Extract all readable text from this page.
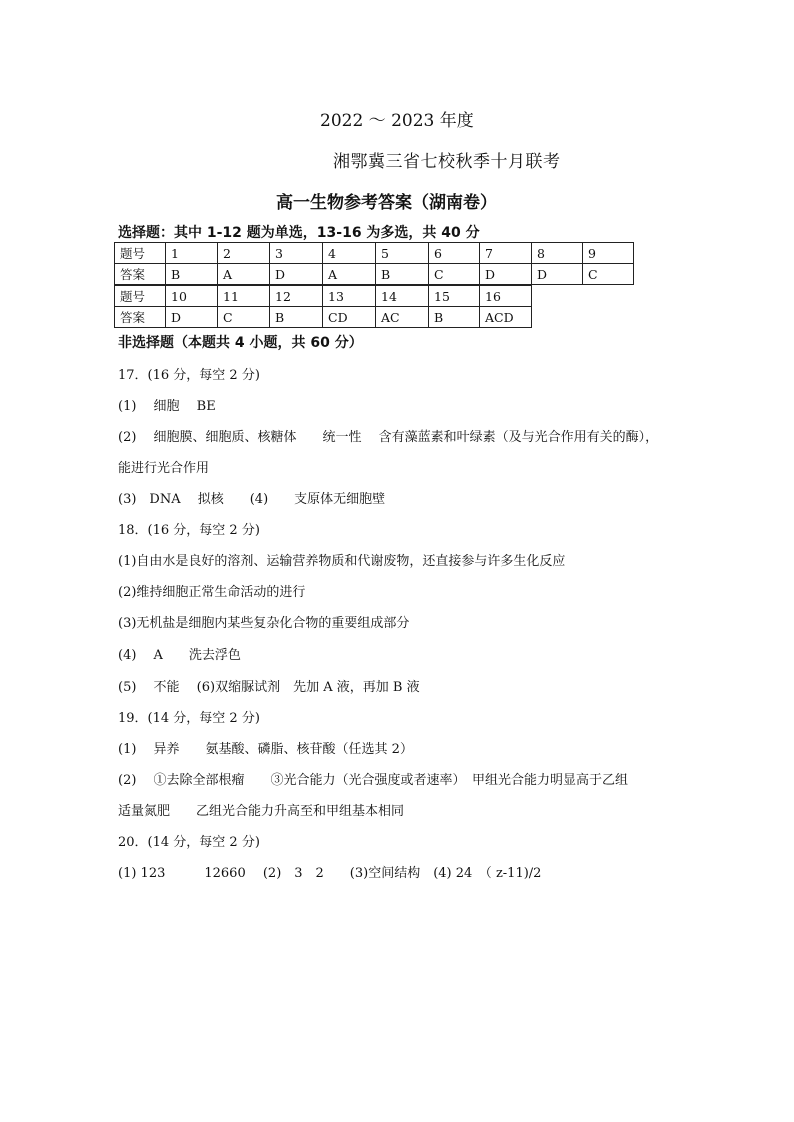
2022 ～ 2023 年度
湘鄂冀三省七校秋季十月联考
高一生物参考答案（湖南卷）
选择题：其中 1-12 题为单选，13-16 为多选，共 40 分
题号	1	2	3	4	5	6	7	8	9
答案	B	A	D	A	B	C	D	D	C
题号	10	11	12	13	14	15	16
答案	D	C	B	CD	AC	B	ACD
非选择题（本题共 4 小题，共 60 分）
17．(16 分，每空 2 分)
(1)　 细胞　 BE
(2)　 细胞膜、细胞质、核糖体　　统一性　 含有藻蓝素和叶绿素（及与光合作用有关的酶），
能进行光合作用
(3)　DNA　 拟核　　(4)　　支原体无细胞壁
18．(16 分，每空 2 分)
(1)自由水是良好的溶剂、运输营养物质和代谢废物，还直接参与许多生化反应
(2)维持细胞正常生命活动的进行
(3)无机盐是细胞内某些复杂化合物的重要组成部分
(4)　 A　　洗去浮色
(5)　 不能　 (6)双缩脲试剂　先加 A 液，再加 B 液
19．(14 分，每空 2 分)
(1)　 异养　　氨基酸、磷脂、核苷酸（任选其 2）
(2)　 ①去除全部根瘤　　③光合能力（光合强度或者速率）　甲组光合能力明显高于乙组
适量氮肥　　乙组光合能力升高至和甲组基本相同
20．(14 分，每空 2 分)
(1) 123　　　12660　 (2)　3　2　　(3)空间结构　(4) 24　（ z-11)/2
